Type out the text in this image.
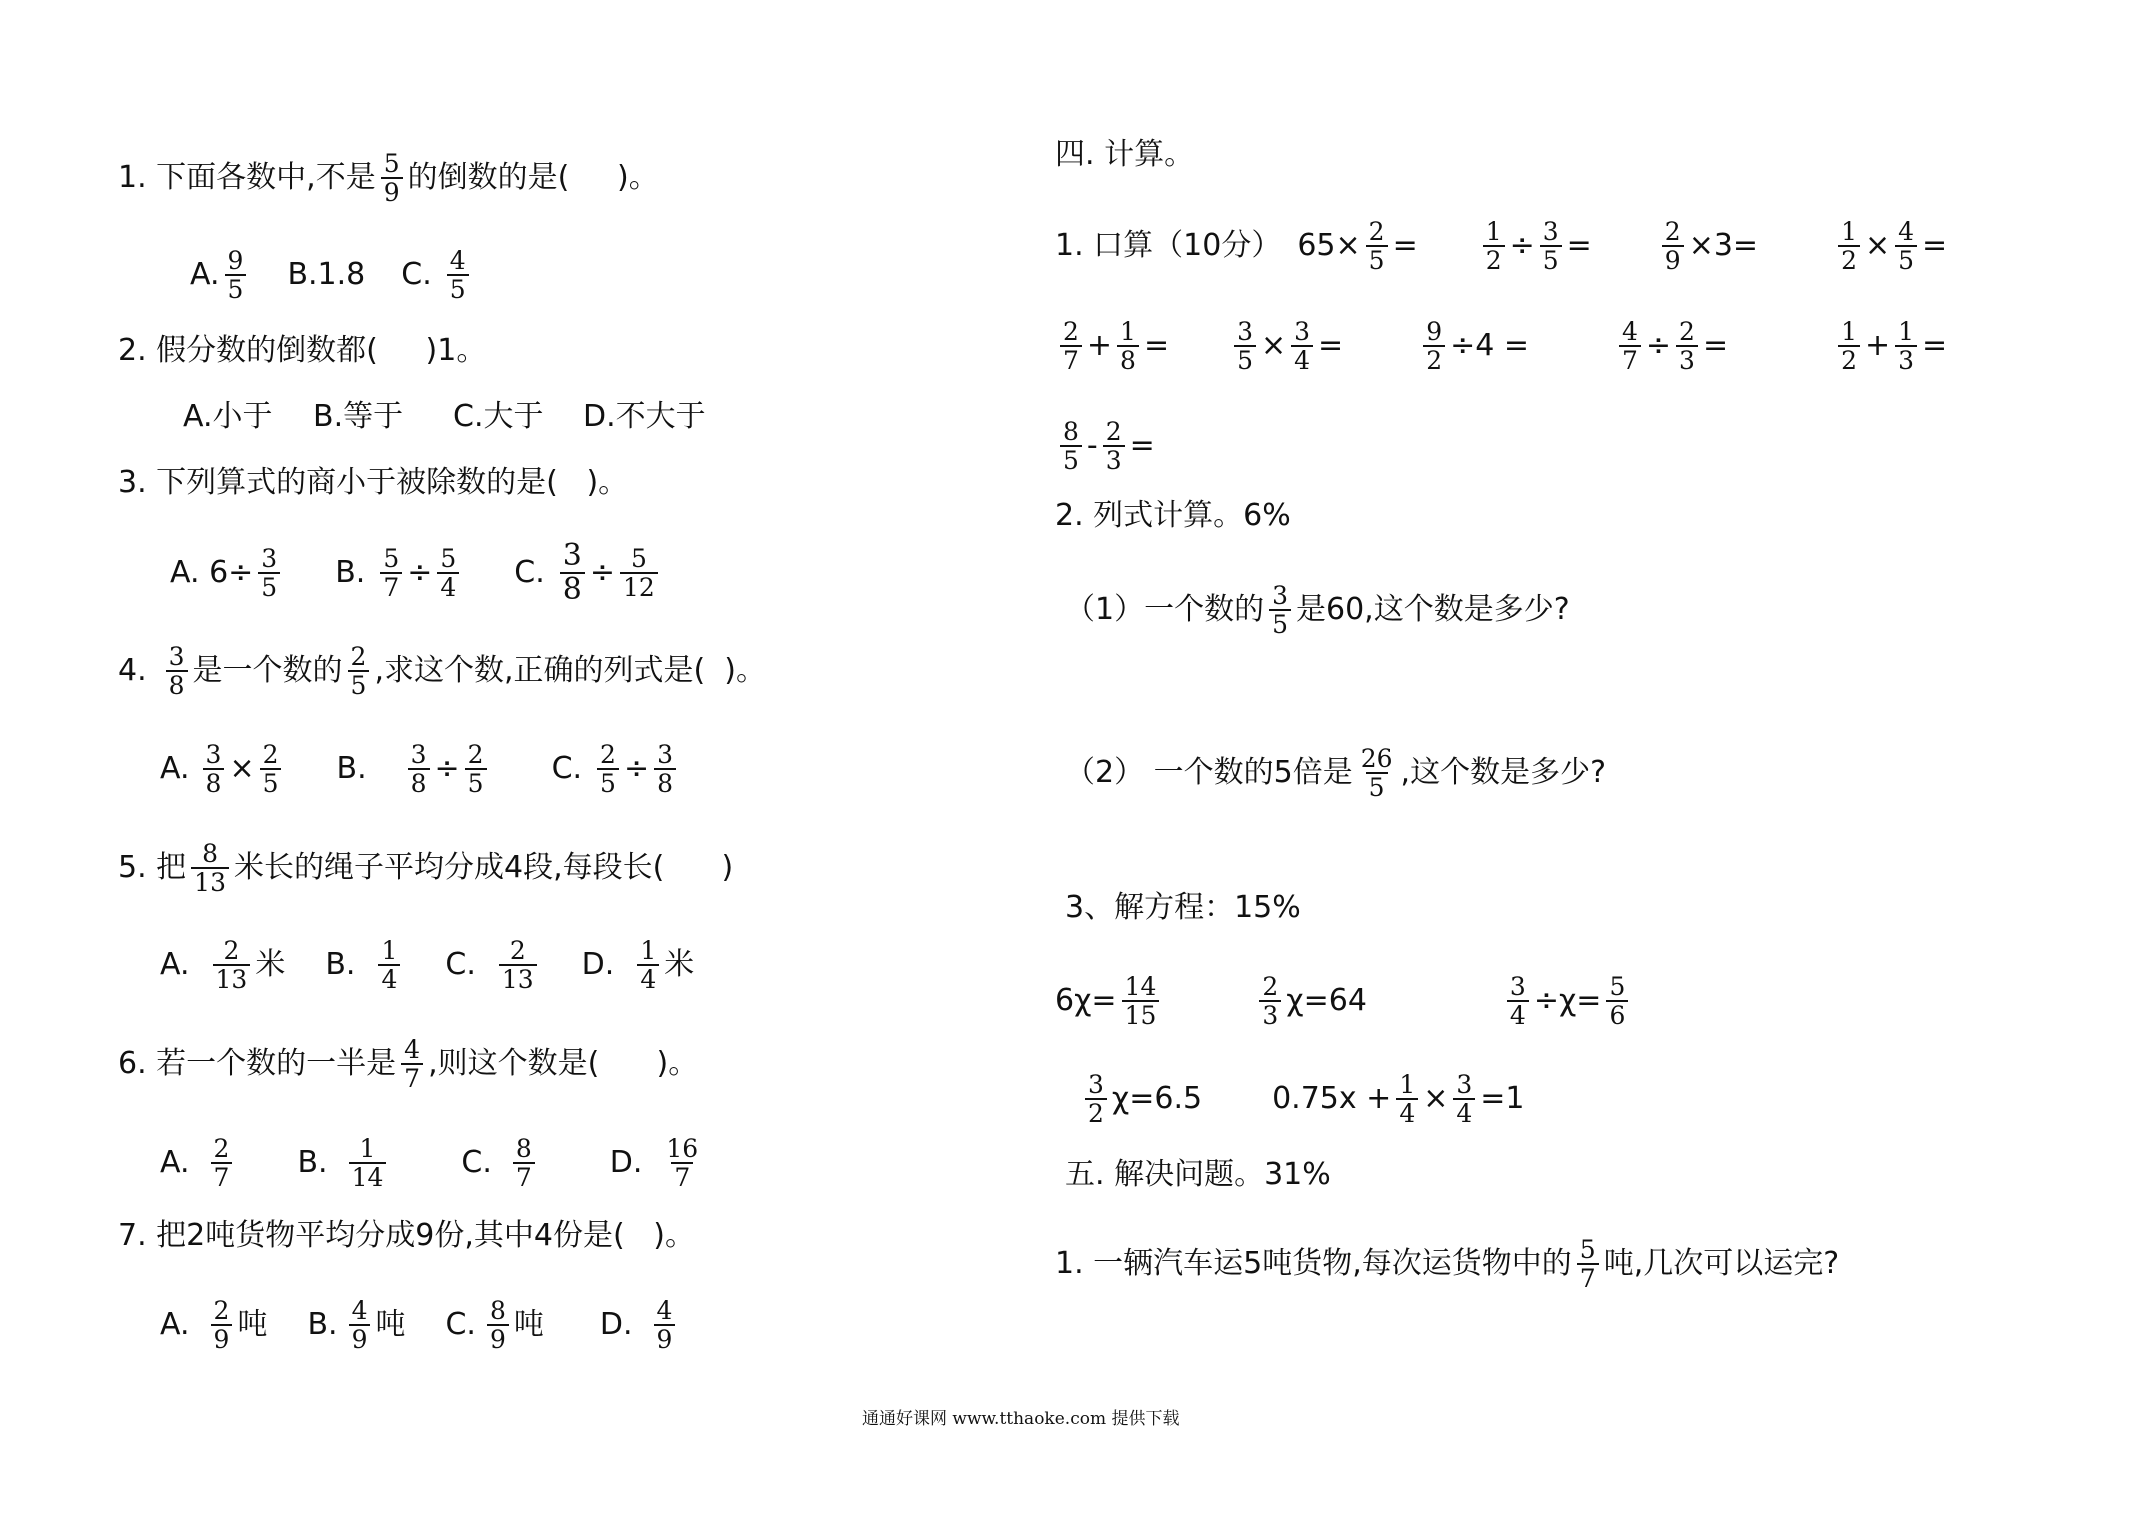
1. 下面各数中,不是 $\frac{5}{9}$ 的倒数的是(     )。
A. $\frac{9}{5} B.1.8$ C. $\frac{4}{5}$
2. 假分数的倒数都(     )1。
A.小于	B.等于	C.大于	D.不大于
3. 下列算式的商小于被除数的是(   )。
A. $6\div \frac{3}{5} B$. $\frac{5}{7} \div \frac{5}{4} C$. $\frac{3}{8} \div \frac{5}{12}$
4. $\frac{3}{8}$ 是一个数的 $\frac{2}{5}$ ,求这个数,正确的列式是(  )。
A. $\frac{3}{8} \times \frac{2}{5} B$. $\frac{3}{8} \div \frac{2}{5} C$. $\frac{2}{5} \div \frac{3}{8}$
5. 把 $\frac{8}{13}$ 米长的绳子平均分成4段,每段长(      )
A. $\frac{2}{13}$ 米 B. $\frac{1}{4} C$. $\frac{2}{13} D$. $\frac{1}{4}$ 米
6. 若一个数的一半是 $\frac{4}{7}$ ,则这个数是(      )。
A. $\frac{2}{7} B$. $\frac{1}{14}$	C. $\frac{8}{7}$	D. $\frac{16}{7}$
7. 把2吨货物平均分成9份,其中4份是(   )。
A. $\frac{2}{9}$ 吨 B. $\frac{4}{9}$ 吨 C. $\frac{8}{9}$ 吨 D. $\frac{4}{9}$
四. 计算。
1. 口算（10分） $65\times \frac{2}{5}$ =	$\frac{1}{2} \div \frac{3}{5}$ =	$\frac{2}{9} \times 3=$	$\frac{1}{2} \times \frac{4}{5}$ =
$\frac{2}{7} + \frac{1}{8}$ =	$\frac{3}{5} \times \frac{3}{4}$ =	$\frac{9}{2} \div 4$ =	$\frac{4}{7} \div \frac{2}{3}$ =	$\frac{1}{2} + \frac{1}{3}$ =
$\frac{8}{5} - \frac{2}{3}$ =
2. 列式计算。6%
（1）一个数的 $\frac{3}{5}$ 是60,这个数是多少?
（2） 一个数的5倍是 $\frac{26}{5}$ ,这个数是多少?
3、解方程：15%
$6\chi= \frac{14}{15}$	$\frac{2}{3} \chi=64$	$\frac{3}{4} \div\chi= \frac{5}{6}$
$\frac{3}{2} \chi=6.5$ $0.75x + \frac{1}{4} \times \frac{3}{4} =1$
五. 解决问题。31%
1. 一辆汽车运5吨货物,每次运货物中的 $\frac{5}{7}$ 吨,几次可以运完?
通通好课网 www.tthaoke.com 提供下载
